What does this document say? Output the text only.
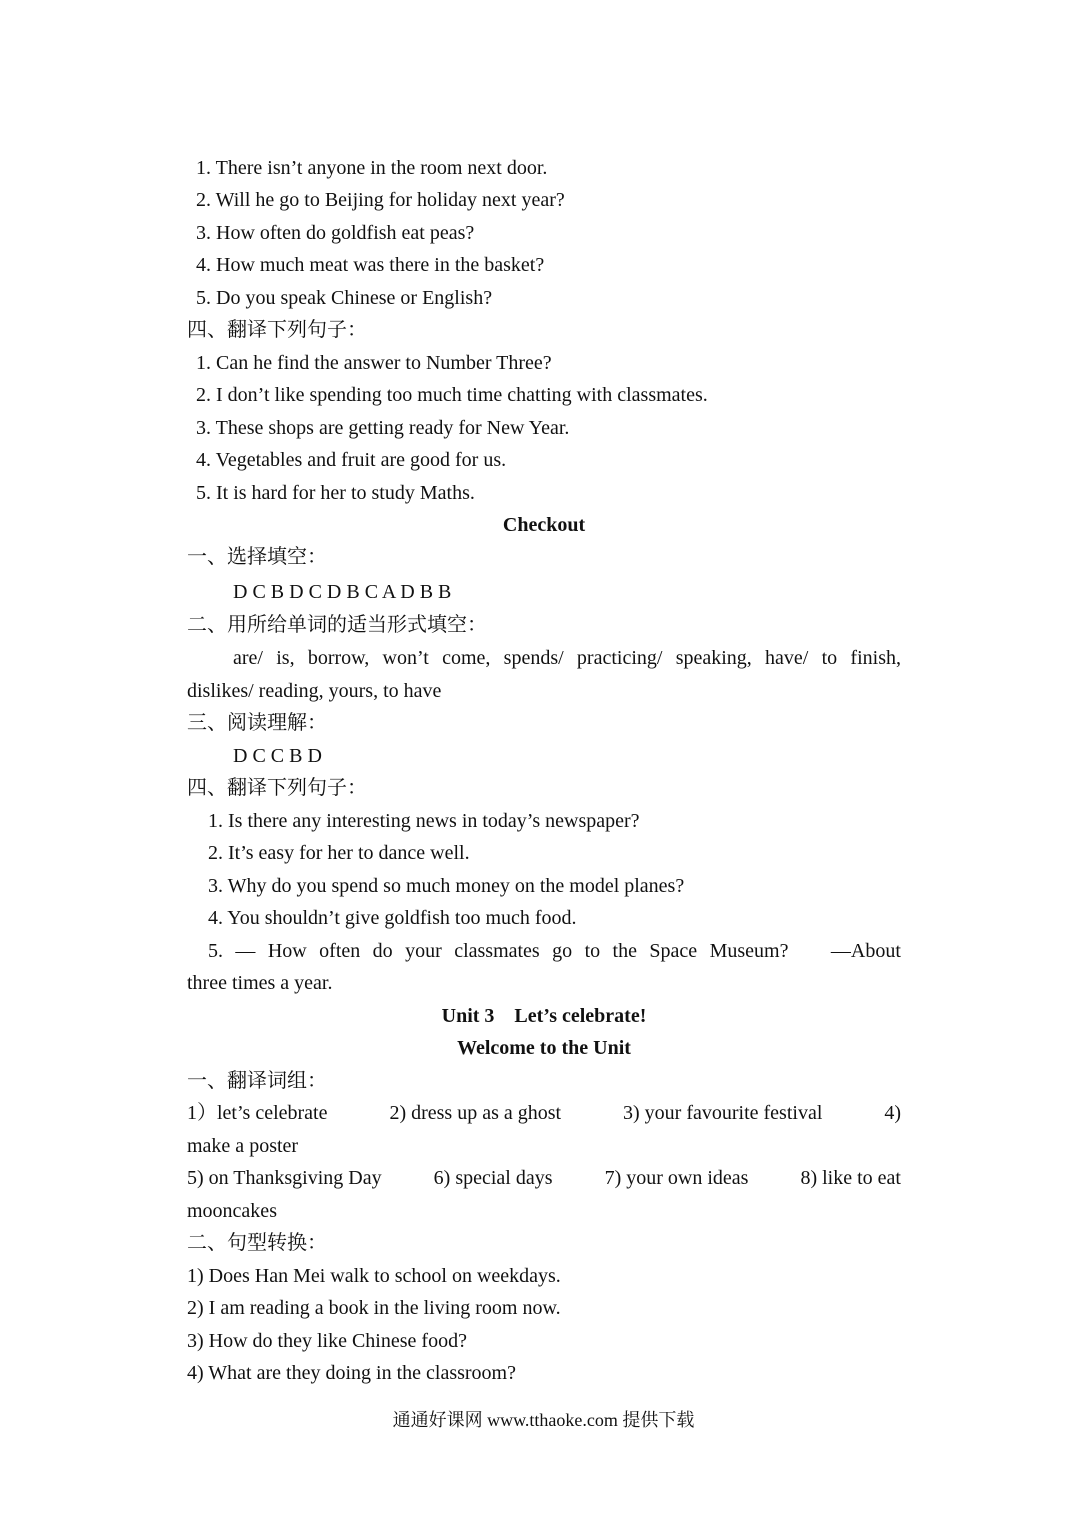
1. There isn’t anyone in the room next door.
2. Will he go to Beijing for holiday next year?
3. How often do goldfish eat peas?
4. How much meat was there in the basket?
5. Do you speak Chinese or English?
四、翻译下列句子：
1. Can he find the answer to Number Three?
2. I don’t like spending too much time chatting with classmates.
3. These shops are getting ready for New Year.
4. Vegetables and fruit are good for us.
5. It is hard for her to study Maths.
Checkout
一、选择填空：
D C B D C D B C A D B B
二、用所给单词的适当形式填空：
are/ is, borrow, won’t come, spends/ practicing/ speaking, have/ to finish,
dislikes/ reading, yours, to have
三、阅读理解：
D C C B D
四、翻译下列句子：
1. Is there any interesting news in today’s newspaper?
2. It’s easy for her to dance well.
3. Why do you spend so much money on the model planes?
4. You shouldn’t give goldfish too much food.
5. — How often do your classmates go to the Space Museum? —About
three times a year.
Unit 3    Let’s celebrate!
Welcome to the Unit
一、翻译词组：
1）let’s celebrate	2) dress up as a ghost	3) your favourite festival	4)
make a poster
5) on Thanksgiving Day	6) special days	7) your own ideas	8) like to eat
mooncakes
二、句型转换：
1) Does Han Mei walk to school on weekdays.
2) I am reading a book in the living room now.
3) How do they like Chinese food?
4) What are they doing in the classroom?
通通好课网 www.tthaoke.com 提供下载
